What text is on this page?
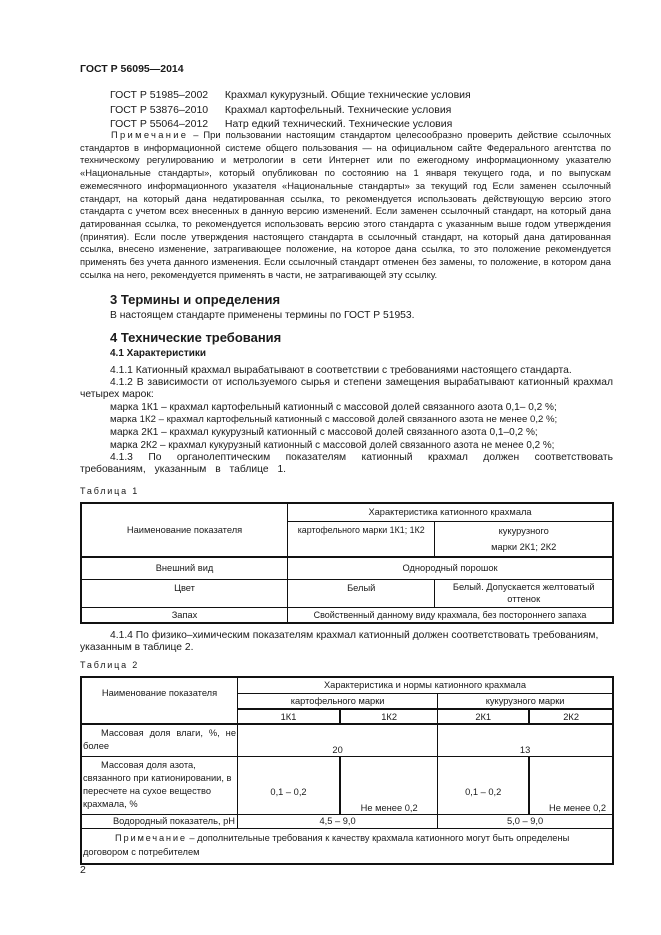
ГОСТ Р 56095—2014
ГОСТ Р 51985–2002 Крахмал кукурузный. Общие технические условия
ГОСТ Р 53876–2010 Крахмал картофельный. Технические условия
ГОСТ Р 55064–2012 Натр едкий технический. Технические условия
Примечание – При пользовании настоящим стандартом целесообразно проверить действие ссылочных стандартов в информационной системе общего пользования — на официальном сайте Федерального агентства по техническому регулированию и метрологии в сети Интернет или по ежегодному информационному указателю «Национальные стандарты», который опубликован по состоянию на 1 января текущего года, и по выпускам ежемесячного информационного указателя «Национальные стандарты» за текущий год Если заменен ссылочный стандарт, на который дана недатированная ссылка, то рекомендуется использовать действующую версию этого стандарта с учетом всех внесенных в данную версию изменений. Если заменен ссылочный стандарт, на который дана датированная ссылка, то рекомендуется использовать версию этого стандарта с указанным выше годом утверждения (принятия). Если после утверждения настоящего стандарта в ссылочный стандарт, на который дана датированная ссылка, внесено изменение, затрагивающее положение, на которое дана ссылка, то это положение рекомендуется применять без учета данного изменения. Если ссылочный стандарт отменен без замены, то положение, в котором дана ссылка на него, рекомендуется применять в части, не затрагивающей эту ссылку.
3 Термины и определения
В настоящем стандарте применены термины по ГОСТ Р 51953.
4 Технические требования
4.1 Характеристики
4.1.1 Катионный крахмал вырабатывают в соответствии с требованиями настоящего стандарта.
4.1.2 В зависимости от используемого сырья и степени замещения вырабатывают катионный крахмал четырех марок:
марка 1К1 – крахмал картофельный катионный с массовой долей связанного азота 0,1– 0,2 %;
марка 1К2 – крахмал картофельный катионный с массовой долей связанного азота не менее 0,2 %;
марка 2К1 – крахмал кукурузный катионный с массовой долей связанного азота 0,1–0,2 %;
марка 2К2 – крахмал кукурузный катионный с массовой долей связанного азота не менее 0,2 %;
4.1.3 По органолептическим показателям катионный крахмал должен соответствовать требованиям, указанным в таблице 1.
Таблица 1
Наименование показателя	Характеристика катионного крахмала	
	картофельного марки 1К1; 1К2	кукурузного
марки 2К1; 2К2

Внешний вид	Однородный порошок	
Цвет	Белый	Белый. Допускается желтоватый оттенок
Запах	Свойственный данному виду крахмала, без постороннего запаха	
4.1.4 По физико–химическим показателям крахмал катионный должен соответствовать требованиям, указанным в таблице 2.
Таблица 2
Наименование показателя	Характеристика и нормы катионного крахмала			
	картофельного марки		кукурузного марки	
	1К1	1К2	2К1	2К2
Массовая доля влаги, %, не более	20		13	
Массовая доля азота, связанного при катионировании, в пересчете на сухое вещество крахмала, %	0,1 – 0,2	Не менее 0,2	0,1 – 0,2	Не менее 0,2
Водородный показатель, рН	4,5 – 9,0		5,0 – 9,0	
Примечание – дополнительные требования к качеству крахмала катионного могут быть определены договором с потребителем				
2
